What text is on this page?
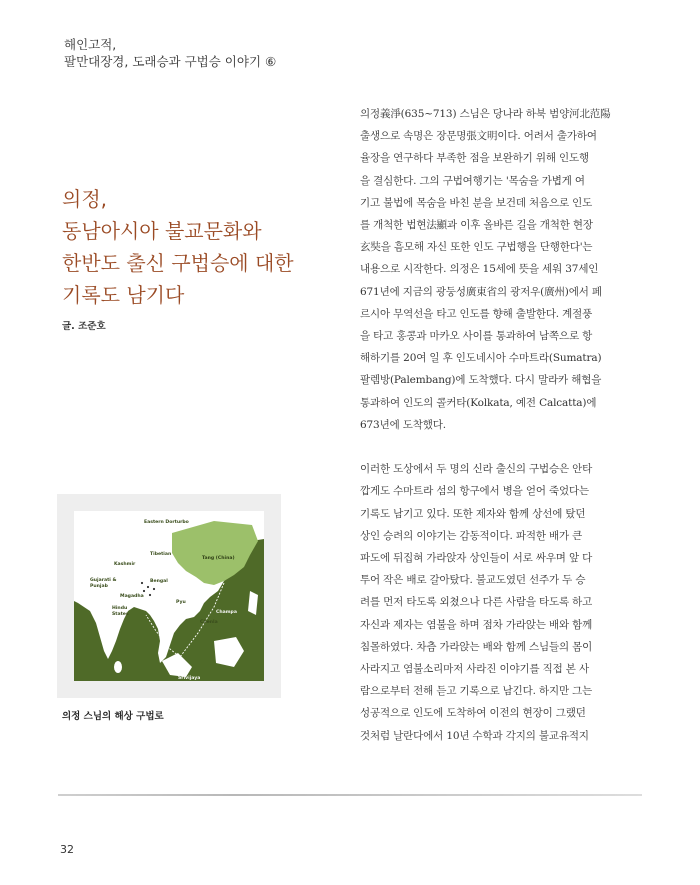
해인고적,
팔만대장경, 도래승과 구법승 이야기 ⑥
의정,
동남아시아 불교문화와
한반도 출신 구법승에 대한
기록도 남기다
글. 조준호
Eastern Dorturbo
Tibetian
Tang (China)
Kashmir
Gujarati &
Punjab
Bengal
Magadha
Hindu
States
Pyu
Champa
Chenla
Srivijaya
의정 스님의 해상 구법로
의정義淨(635~713) 스님은 당나라 하북 범양河北范陽
출생으로 속명은 장문명張文明이다. 어려서 출가하여
율장을 연구하다 부족한 점을 보완하기 위해 인도행
을 결심한다. 그의 구법여행기는 '목숨을 가볍게 여
기고 불법에 목숨을 바친 분을 보건데 처음으로 인도
를 개척한 법현法顯과 이후 올바른 길을 개척한 현장
玄奘을 흠모해 자신 또한 인도 구법행을 단행한다'는
내용으로 시작한다. 의정은 15세에 뜻을 세워 37세인
671년에 지금의 광둥성廣東省의 광저우(廣州)에서 페
르시아 무역선을 타고 인도를 향해 출발한다. 계절풍
을 타고 홍콩과 마카오 사이를 통과하여 남쪽으로 항
해하기를 20여 일 후 인도네시아 수마트라(Sumatra)
팔렘방(Palembang)에 도착했다. 다시 말라카 해협을
통과하여 인도의 콜커타(Kolkata, 예전 Calcatta)에
673년에 도착했다.
이러한 도상에서 두 명의 신라 출신의 구법승은 안타
깝게도 수마트라 섬의 항구에서 병을 얻어 죽었다는
기록도 남기고 있다. 또한 제자와 함께 상선에 탔던
상인 승려의 이야기는 감동적이다. 파적한 배가 큰
파도에 뒤집혀 가라앉자 상인들이 서로 싸우며 앞 다
투어 작은 배로 갈아탔다. 불교도였던 선주가 두 승
려를 먼저 타도록 외쳤으나 다른 사람을 타도록 하고
자신과 제자는 염불을 하며 점차 가라앉는 배와 함께
침몰하였다. 차츰 가라앉는 배와 함께 스님들의 몸이
사라지고 염불소리마저 사라진 이야기를 직접 본 사
람으로부터 전해 듣고 기록으로 남긴다. 하지만 그는
성공적으로 인도에 도착하여 이전의 현장이 그랬던
것처럼 날란다에서 10년 수학과 각지의 불교유적지
32
